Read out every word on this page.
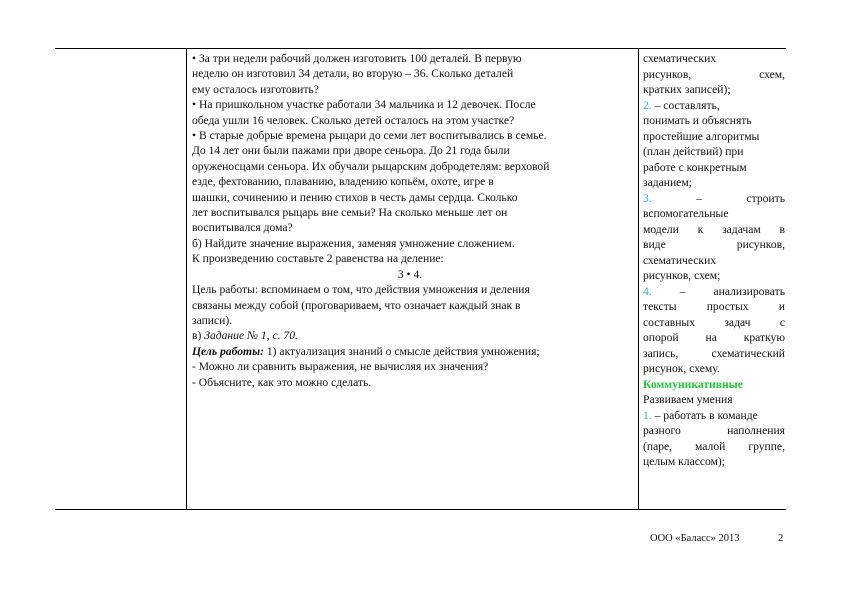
• За три недели рабочий должен изготовить 100 деталей. В первую
неделю он изготовил 34 детали, во вторую – 36. Сколько деталей
ему осталось изготовить?
• На пришкольном участке работали 34 мальчика и 12 девочек. После
обеда ушли 16 человек. Сколько детей осталось на этом участке?
• В старые добрые времена рыцари до семи лет воспитывались в семье.
До 14 лет они были пажами при дворе сеньора. До 21 года были
оруженосцами сеньора. Их обучали рыцарским добродетелям: верховой
езде, фехтованию, плаванию, владению копьём, охоте, игре в
шашки, сочинению и пению стихов в честь дамы сердца. Сколько
лет воспитывался рыцарь вне семьи? На сколько меньше лет он
воспитывался дома?
б) Найдите значение выражения, заменяя умножение сложением.
К произведению составьте 2 равенства на деление:
3 • 4.
Цель работы: вспоминаем о том, что действия умножения и деления
связаны между собой (проговариваем, что означает каждый знак в
записи).
в) Задание № 1, с. 70.
Цель работы: 1) актуализация знаний о смысле действия умножения;
- Можно ли сравнить выражения, не вычисляя их значения?
- Объясните, как это можно сделать.
схематических
рисунков,	схем,
кратких записей);
2. – составлять,
понимать и объяснять
простейшие алгоритмы
(план действий) при
работе с конкретным
заданием;
3.	–	строить
вспомогательные
модели к задачам в
виде	рисунков,
схематических
рисунков, схем;
4. – анализировать
тексты	простых	и
составных	задач	с
опорой на краткую
запись,	схематический
рисунок, схему.
Коммуникативные
Развиваем умения
1. – работать в команде
разного	наполнения
(паре, малой группе,
целым классом);
ООО «Баласс» 2013	2
